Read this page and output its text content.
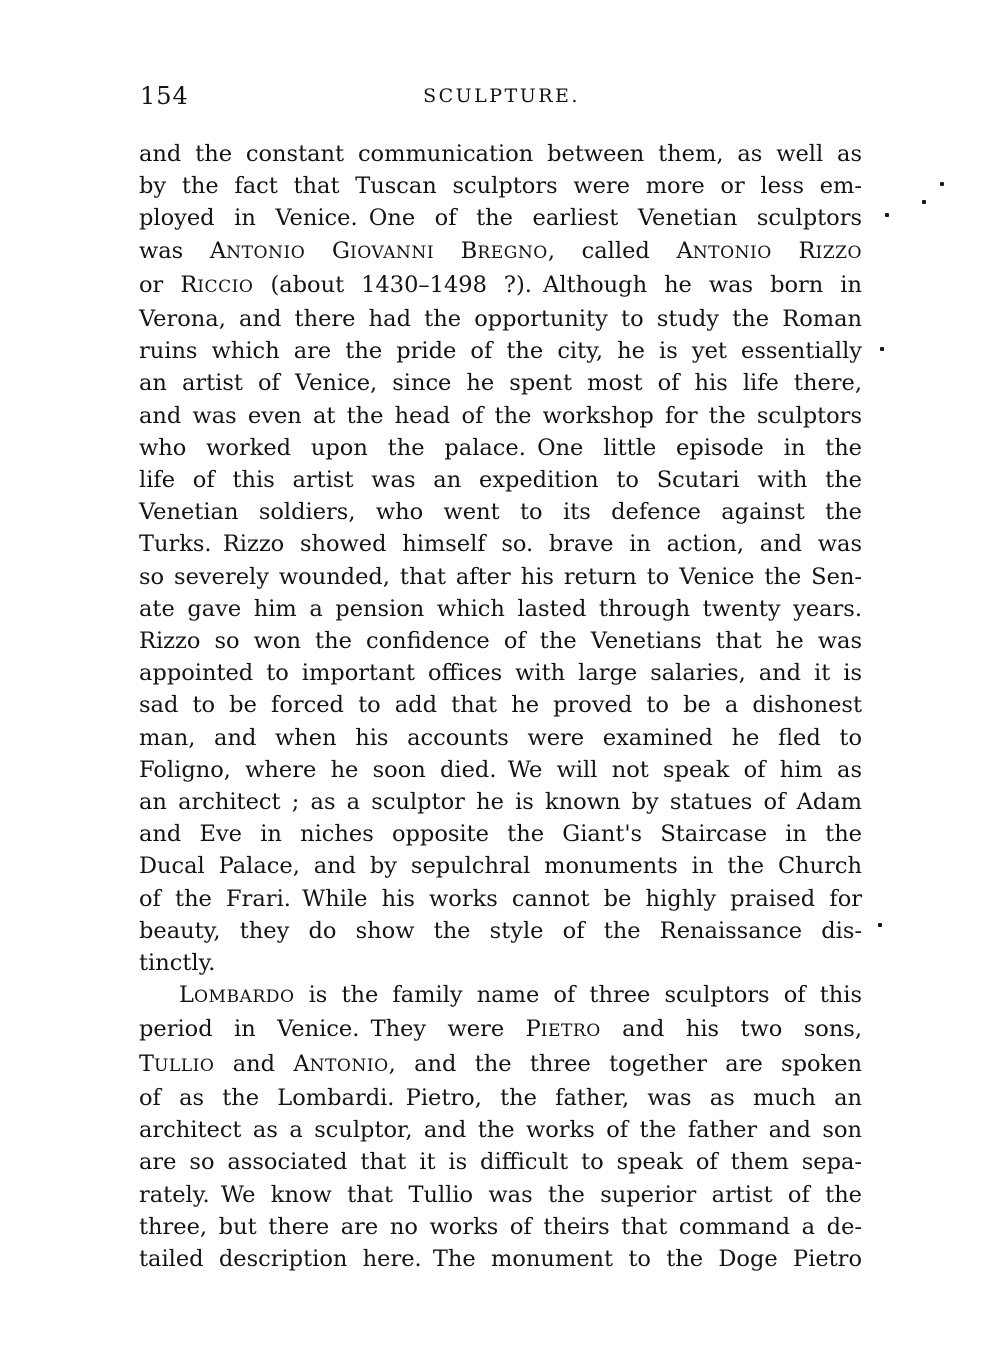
154	SCULPTURE.
and the constant communication between them, as well as
by the fact that Tuscan sculptors were more or less em-
ployed in Venice. One of the earliest Venetian sculptors
was ANTONIO GIOVANNI BREGNO, called ANTONIO RIZZO
or RICCIO (about 1430–1498 ?). Although he was born in
Verona, and there had the opportunity to study the Roman
ruins which are the pride of the city, he is yet essentially
an artist of Venice, since he spent most of his life there,
and was even at the head of the workshop for the sculptors
who worked upon the palace. One little episode in the
life of this artist was an expedition to Scutari with the
Venetian soldiers, who went to its defence against the
Turks. Rizzo showed himself so. brave in action, and was
so severely wounded, that after his return to Venice the Sen-
ate gave him a pension which lasted through twenty years.
Rizzo so won the confidence of the Venetians that he was
appointed to important offices with large salaries, and it is
sad to be forced to add that he proved to be a dishonest
man, and when his accounts were examined he fled to
Foligno, where he soon died. We will not speak of him as
an architect ; as a sculptor he is known by statues of Adam
and Eve in niches opposite the Giant's Staircase in the
Ducal Palace, and by sepulchral monuments in the Church
of the Frari. While his works cannot be highly praised for
beauty, they do show the style of the Renaissance dis-
tinctly.
LOMBARDO is the family name of three sculptors of this
period in Venice. They were PIETRO and his two sons,
TULLIO and ANTONIO, and the three together are spoken
of as the Lombardi. Pietro, the father, was as much an
architect as a sculptor, and the works of the father and son
are so associated that it is difficult to speak of them sepa-
rately. We know that Tullio was the superior artist of the
three, but there are no works of theirs that command a de-
tailed description here. The monument to the Doge Pietro
